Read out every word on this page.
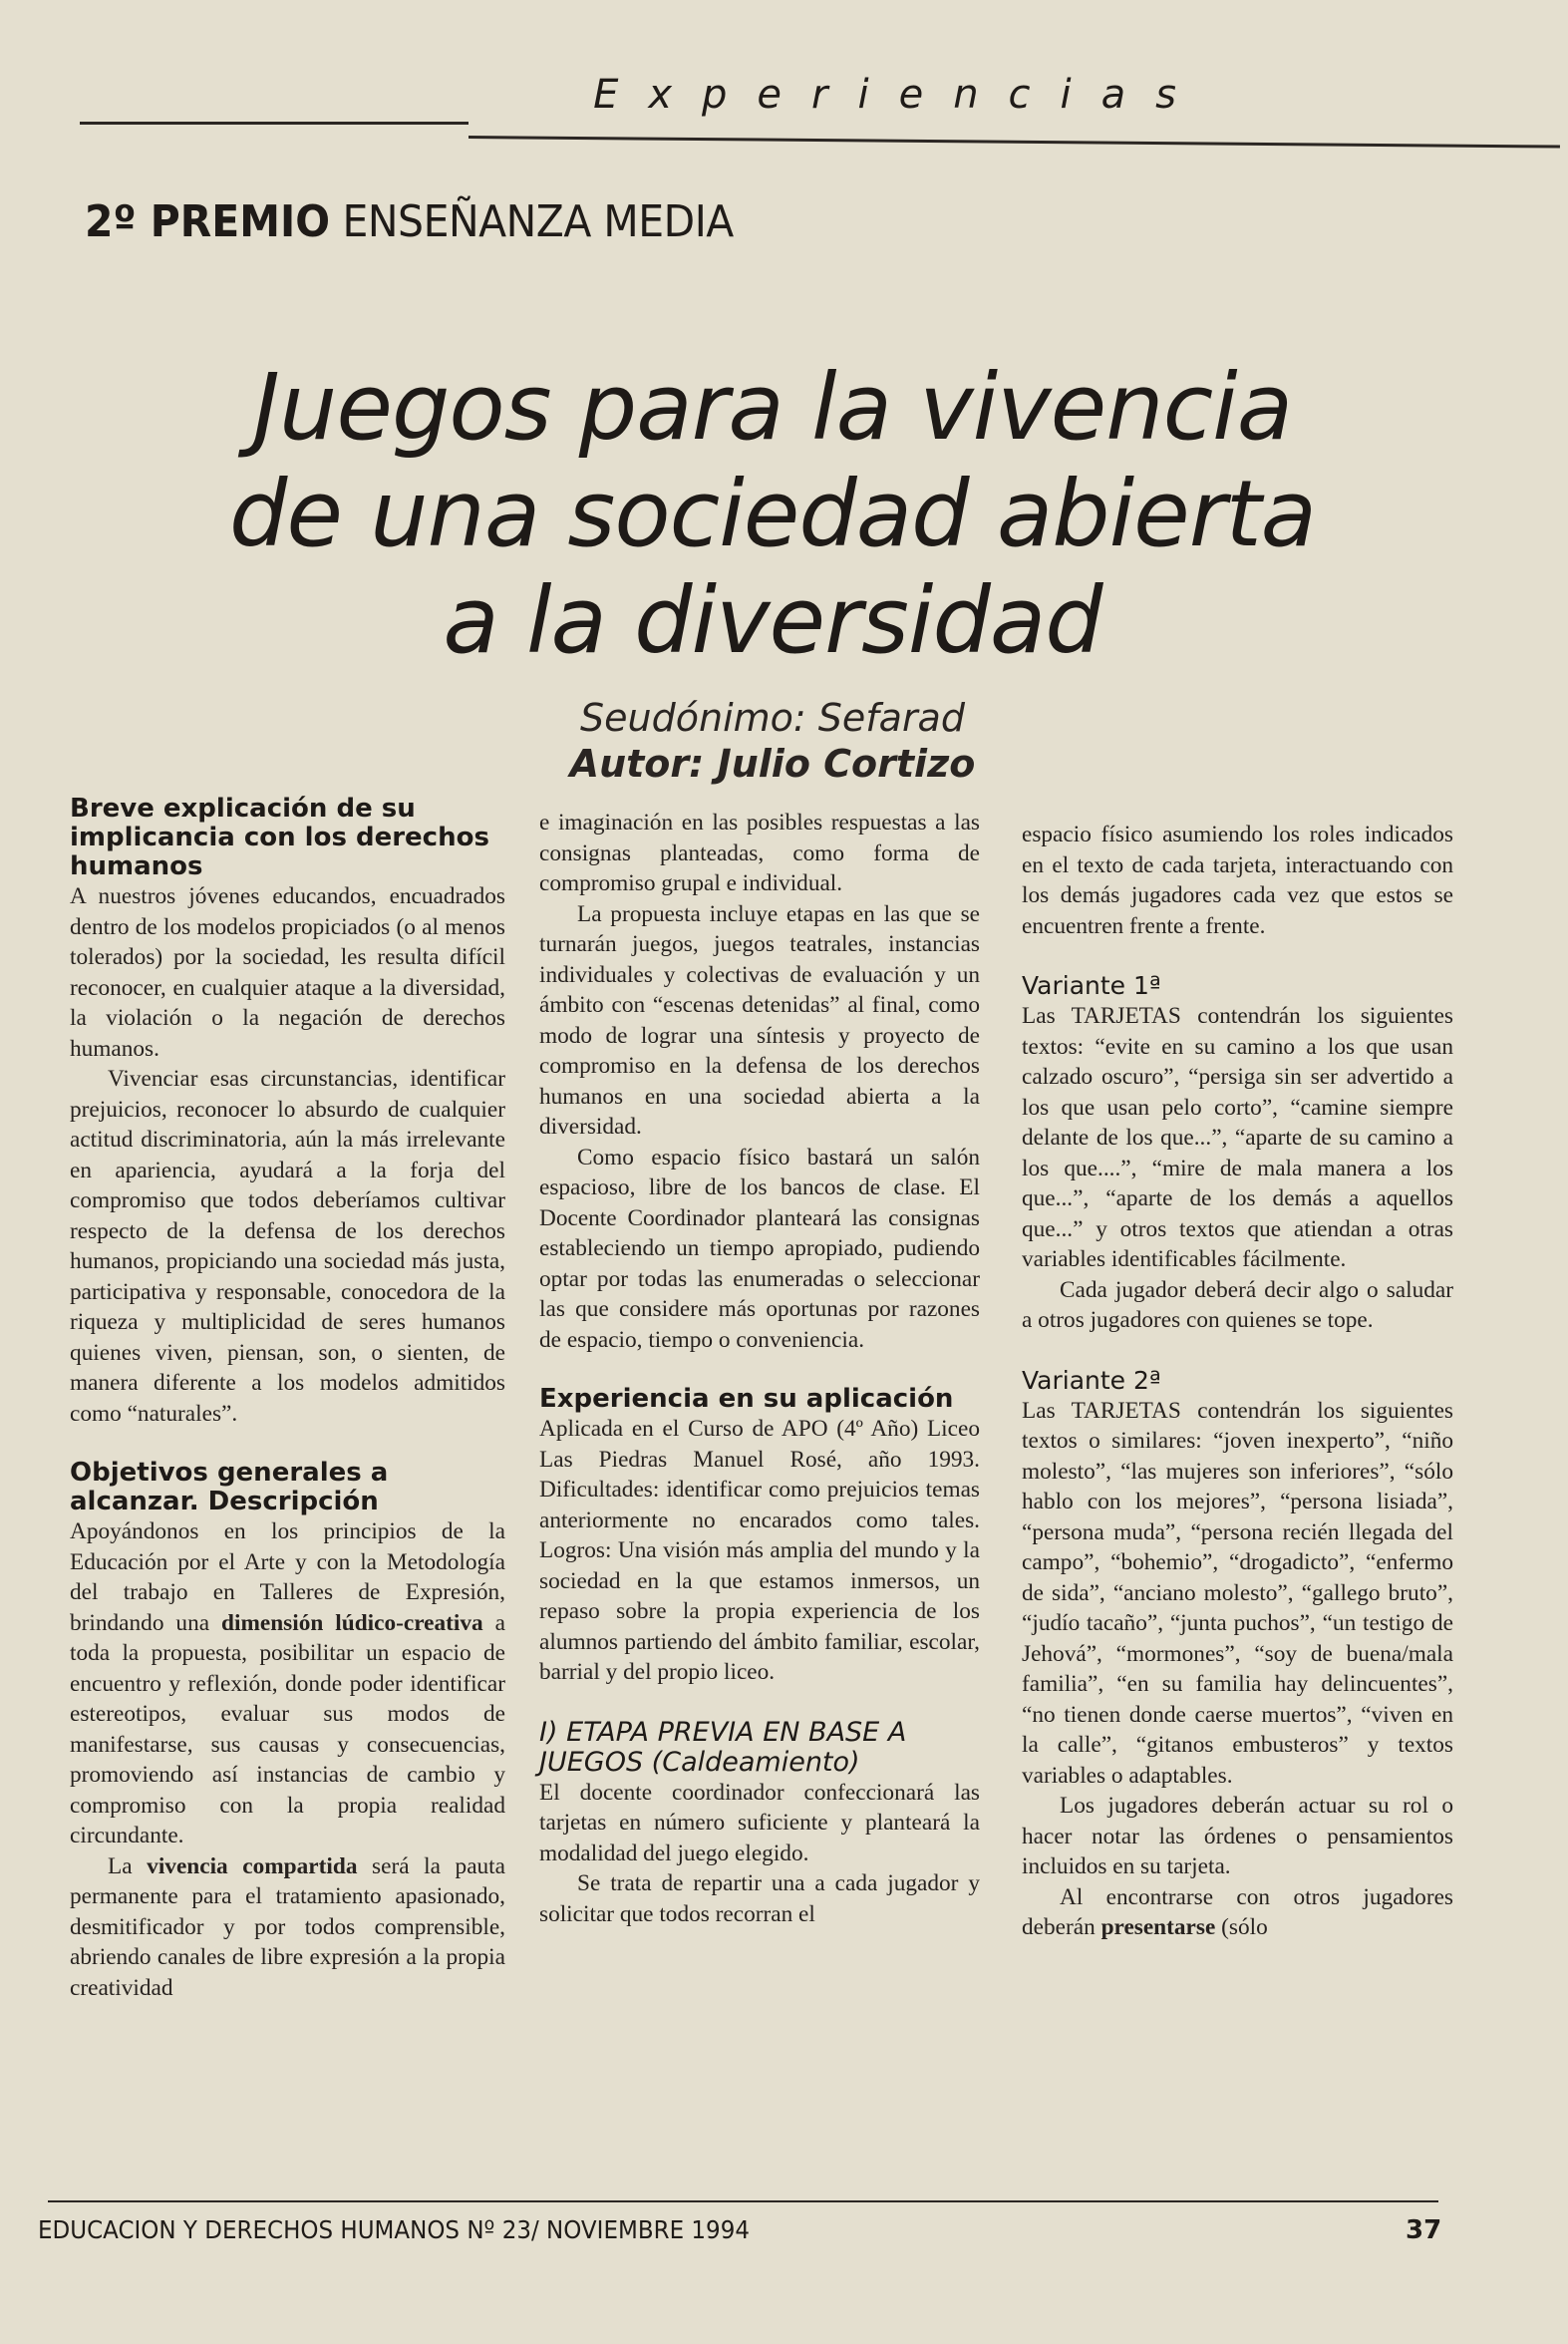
Experiencias
2º PREMIO ENSEÑANZA MEDIA
Juegos para la vivencia
de una sociedad abierta
a la diversidad
Seudónimo: Sefarad
Autor: Julio Cortizo
Breve explicación de su implicancia con los derechos humanos

A nuestros jóvenes educandos, encuadrados dentro de los modelos propiciados (o al menos tolerados) por la sociedad, les resulta difícil reconocer, en cualquier ataque a la diversidad, la violación o la negación de derechos humanos.

Vivenciar esas circunstancias, identificar prejuicios, reconocer lo absurdo de cualquier actitud discriminatoria, aún la más irrelevante en apariencia, ayudará a la forja del compromiso que todos deberíamos cultivar respecto de la defensa de los derechos humanos, propiciando una sociedad más justa, participativa y responsable, conocedora de la riqueza y multiplicidad de seres humanos quienes viven, piensan, son, o sienten, de manera diferente a los modelos admitidos como “naturales”.

Objetivos generales a alcanzar. Descripción

Apoyándonos en los principios de la Educación por el Arte y con la Metodología del trabajo en Talleres de Expresión, brindando una dimensión lúdico-creativa a toda la propuesta, posibilitar un espacio de encuentro y reflexión, donde poder identificar estereotipos, evaluar sus modos de manifestarse, sus causas y consecuencias, promoviendo así instancias de cambio y compromiso con la propia realidad circundante.

La vivencia compartida será la pauta permanente para el tratamiento apasionado, desmitificador y por todos comprensible, abriendo canales de libre expresión a la propia creatividad

e imaginación en las posibles respuestas a las consignas planteadas, como forma de compromiso grupal e individual.

La propuesta incluye etapas en las que se turnarán juegos, juegos teatrales, instancias individuales y colectivas de evaluación y un ámbito con “escenas detenidas” al final, como modo de lograr una síntesis y proyecto de compromiso en la defensa de los derechos humanos en una sociedad abierta a la diversidad.

Como espacio físico bastará un salón espacioso, libre de los bancos de clase. El Docente Coordinador planteará las consignas estableciendo un tiempo apropiado, pudiendo optar por todas las enumeradas o seleccionar las que considere más oportunas por razones de espacio, tiempo o conveniencia.

Experiencia en su aplicación

Aplicada en el Curso de APO (4º Año) Liceo Las Piedras Manuel Rosé, año 1993. Dificultades: identificar como prejuicios temas anteriormente no encarados como tales. Logros: Una visión más amplia del mundo y la sociedad en la que estamos inmersos, un repaso sobre la propia experiencia de los alumnos partiendo del ámbito familiar, escolar, barrial y del propio liceo.

I) ETAPA PREVIA EN BASE A JUEGOS (Caldeamiento)

El docente coordinador confeccionará las tarjetas en número suficiente y planteará la modalidad del juego elegido.

Se trata de repartir una a cada jugador y solicitar que todos recorran el

espacio físico asumiendo los roles indicados en el texto de cada tarjeta, interactuando con los demás jugadores cada vez que estos se encuentren frente a frente.

Variante 1ª

Las TARJETAS contendrán los siguientes textos: “evite en su camino a los que usan calzado oscuro”, “persiga sin ser advertido a los que usan pelo corto”, “camine siempre delante de los que...”, “aparte de su camino a los que....”, “mire de mala manera a los que...”, “aparte de los demás a aquellos que...” y otros textos que atiendan a otras variables identificables fácilmente.

Cada jugador deberá decir algo o saludar a otros jugadores con quienes se tope.

Variante 2ª

Las TARJETAS contendrán los siguientes textos o similares: “joven inexperto”, “niño molesto”, “las mujeres son inferiores”, “sólo hablo con los mejores”, “persona lisiada”, “persona muda”, “persona recién llegada del campo”, “bohemio”, “drogadicto”, “enfermo de sida”, “anciano molesto”, “gallego bruto”, “judío tacaño”, “junta puchos”, “un testigo de Jehová”, “mormones”, “soy de buena/mala familia”, “en su familia hay delincuentes”, “no tienen donde caerse muertos”, “viven en la calle”, “gitanos embusteros” y textos variables o adaptables.

Los jugadores deberán actuar su rol o hacer notar las órdenes o pensamientos incluidos en su tarjeta.

Al encontrarse con otros jugadores deberán presentarse (sólo

EDUCACION Y DERECHOS HUMANOS Nº 23/ NOVIEMBRE 1994	37
